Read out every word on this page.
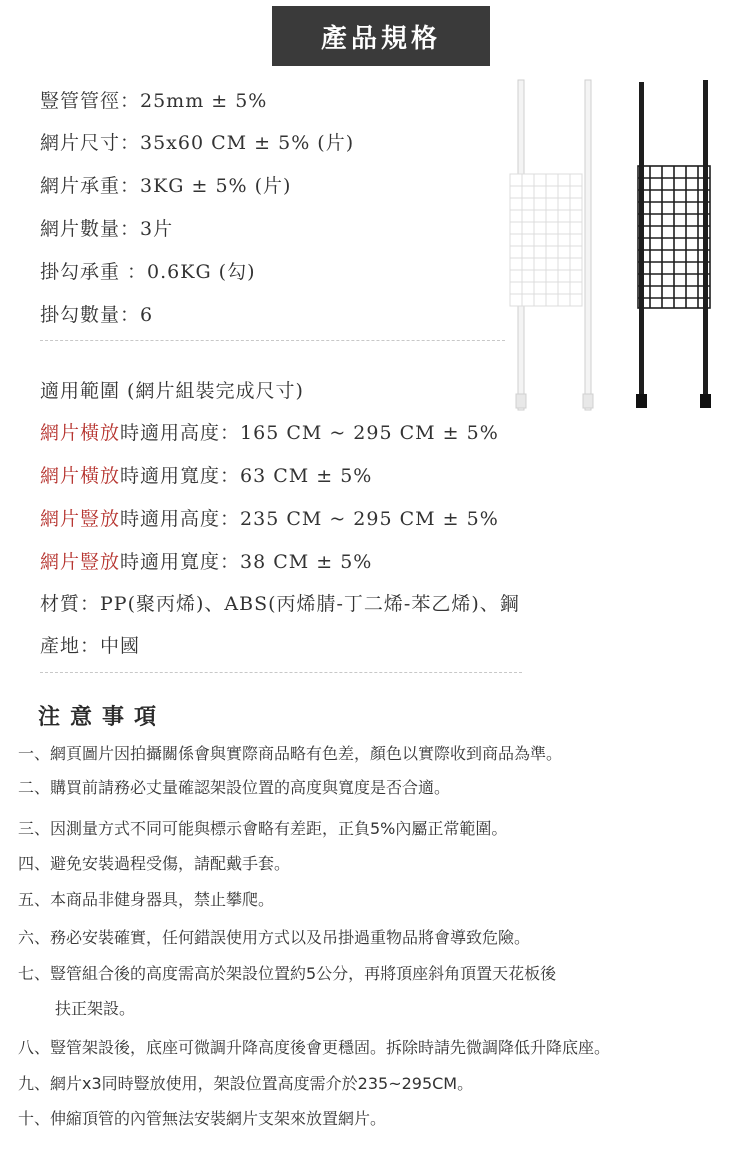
產品規格
豎管管徑：25mm ± 5%
網片尺寸：35x60 CM ± 5% (片)
網片承重：3KG ± 5% (片)
網片數量：3片
掛勾承重 ：0.6KG (勾)
掛勾數量：6
適用範圍 (網片組裝完成尺寸)
網片橫放時適用高度：165 CM ~ 295 CM ± 5%
網片橫放時適用寬度：63 CM ± 5%
網片豎放時適用高度：235 CM ~ 295 CM ± 5%
網片豎放時適用寬度：38 CM ± 5%
材質：PP(聚丙烯)、ABS(丙烯腈-丁二烯-苯乙烯)、鋼
產地：中國
注意事項
一、網頁圖片因拍攝關係會與實際商品略有色差，顏色以實際收到商品為準。
二、購買前請務必丈量確認架設位置的高度與寬度是否合適。
三、因測量方式不同可能與標示會略有差距，正負5%內屬正常範圍。
四、避免安裝過程受傷，請配戴手套。
五、本商品非健身器具，禁止攀爬。
六、務必安裝確實，任何錯誤使用方式以及吊掛過重物品將會導致危險。
七、豎管組合後的高度需高於架設位置約5公分，再將頂座斜角頂置天花板後
扶正架設。
八、豎管架設後，底座可微調升降高度後會更穩固。拆除時請先微調降低升降底座。
九、網片x3同時豎放使用，架設位置高度需介於235~295CM。
十、伸縮頂管的內管無法安裝網片支架來放置網片。
